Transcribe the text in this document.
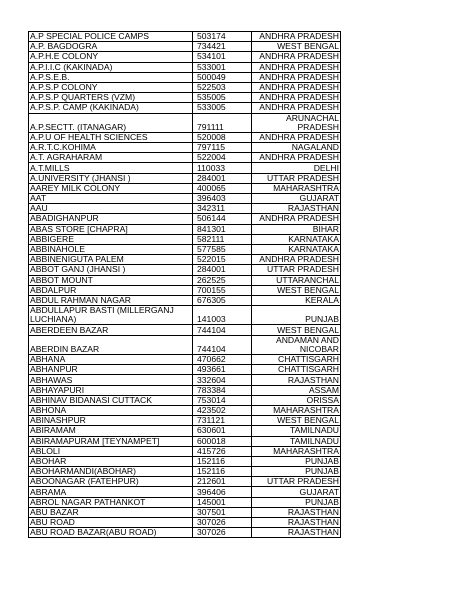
A.P SPECIAL POLICE CAMPS	503174	ANDHRA PRADESH
A.P. BAGDOGRA	734421	WEST BENGAL
A.P.H.E COLONY	534101	ANDHRA PRADESH
A.P.I.I.C (KAKINADA)	533001	ANDHRA PRADESH
A.P.S.E.B.	500049	ANDHRA PRADESH
A.P.S.P COLONY	522503	ANDHRA PRADESH
A.P.S.P QUARTERS (VZM)	535005	ANDHRA PRADESH
A.P.S.P. CAMP (KAKINADA)	533005	ANDHRA PRADESH
A.P.SECTT. (ITANAGAR)	791111	ARUNACHAL PRADESH
A.P.U OF HEALTH SCIENCES	520008	ANDHRA PRADESH
A.R.T.C.KOHIMA	797115	NAGALAND
A.T. AGRAHARAM	522004	ANDHRA PRADESH
A.T.MILLS	110033	DELHI
A.UNIVERSITY (JHANSI )	284001	UTTAR PRADESH
AAREY MILK COLONY	400065	MAHARASHTRA
AAT	396403	GUJARAT
AAU	342311	RAJASTHAN
ABADIGHANPUR	506144	ANDHRA PRADESH
ABAS STORE [CHAPRA]	841301	BIHAR
ABBIGERE	582111	KARNATAKA
ABBINAHOLE	577585	KARNATAKA
ABBINENIGUTA PALEM	522015	ANDHRA PRADESH
ABBOT GANJ (JHANSI )	284001	UTTAR PRADESH
ABBOT MOUNT	262525	UTTARANCHAL
ABDALPUR	700155	WEST BENGAL
ABDUL RAHMAN NAGAR	676305	KERALA
ABDULLAPUR BASTI (MILLERGANJ LUCHIANA)	141003	PUNJAB
ABERDEEN BAZAR	744104	WEST BENGAL
ABERDIN BAZAR	744104	ANDAMAN AND NICOBAR
ABHANA	470662	CHATTISGARH
ABHANPUR	493661	CHATTISGARH
ABHAWAS	332604	RAJASTHAN
ABHAYAPURI	783384	ASSAM
ABHINAV BIDANASI CUTTACK	753014	ORISSA
ABHONA	423502	MAHARASHTRA
ABINASHPUR	731121	WEST BENGAL
ABIRAMAM	630601	TAMILNADU
ABIRAMAPURAM [TEYNAMPET]	600018	TAMILNADU
ABLOLI	415726	MAHARASHTRA
ABOHAR	152116	PUNJAB
ABOHARMANDI(ABOHAR)	152116	PUNJAB
ABOONAGAR (FATEHPUR)	212601	UTTAR PRADESH
ABRAMA	396406	GUJARAT
ABROL NAGAR PATHANKOT	145001	PUNJAB
ABU BAZAR	307501	RAJASTHAN
ABU ROAD	307026	RAJASTHAN
ABU ROAD BAZAR(ABU ROAD)	307026	RAJASTHAN
